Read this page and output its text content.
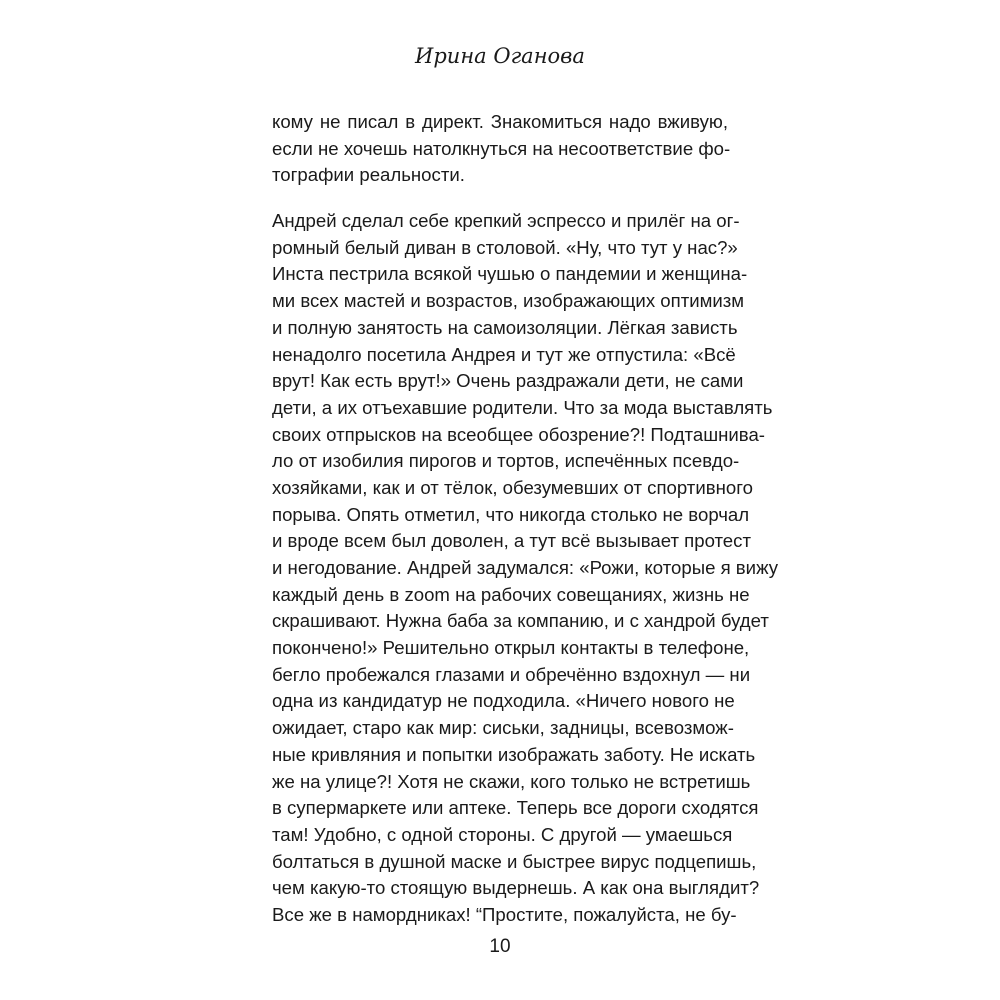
Ирина Оганова
кому не писал в директ. Знакомиться надо вживую,
если не хочешь натолкнуться на несоответствие фо-
тографии реальности.
Андрей сделал себе крепкий эспрессо и прилёг на ог-
ромный белый диван в столовой. «Ну, что тут у нас?»
Инста пестрила всякой чушью о пандемии и женщина-
ми всех мастей и возрастов, изображающих оптимизм
и полную занятость на самоизоляции. Лёгкая зависть
ненадолго посетила Андрея и тут же отпустила: «Всё
врут! Как есть врут!» Очень раздражали дети, не сами
дети, а их отъехавшие родители. Что за мода выставлять
своих отпрысков на всеобщее обозрение?! Подташнива-
ло от изобилия пирогов и тортов, испечённых псевдо-
хозяйками, как и от тёлок, обезумевших от спортивного
порыва. Опять отметил, что никогда столько не ворчал
и вроде всем был доволен, а тут всё вызывает протест
и негодование. Андрей задумался: «Рожи, которые я вижу
каждый день в zoom на рабочих совещаниях, жизнь не
скрашивают. Нужна баба за компанию, и с хандрой будет
покончено!» Решительно открыл контакты в телефоне,
бегло пробежался глазами и обречённо вздохнул — ни
одна из кандидатур не подходила. «Ничего нового не
ожидает, старо как мир: сиськи, задницы, всевозмож-
ные кривляния и попытки изображать заботу. Не искать
же на улице?! Хотя не скажи, кого только не встретишь
в супермаркете или аптеке. Теперь все дороги сходятся
там! Удобно, с одной стороны. С другой — умаешься
болтаться в душной маске и быстрее вирус подцепишь,
чем какую-то стоящую выдернешь. А как она выглядит?
Все же в намордниках! “Простите, пожалуйста, не бу-
10
